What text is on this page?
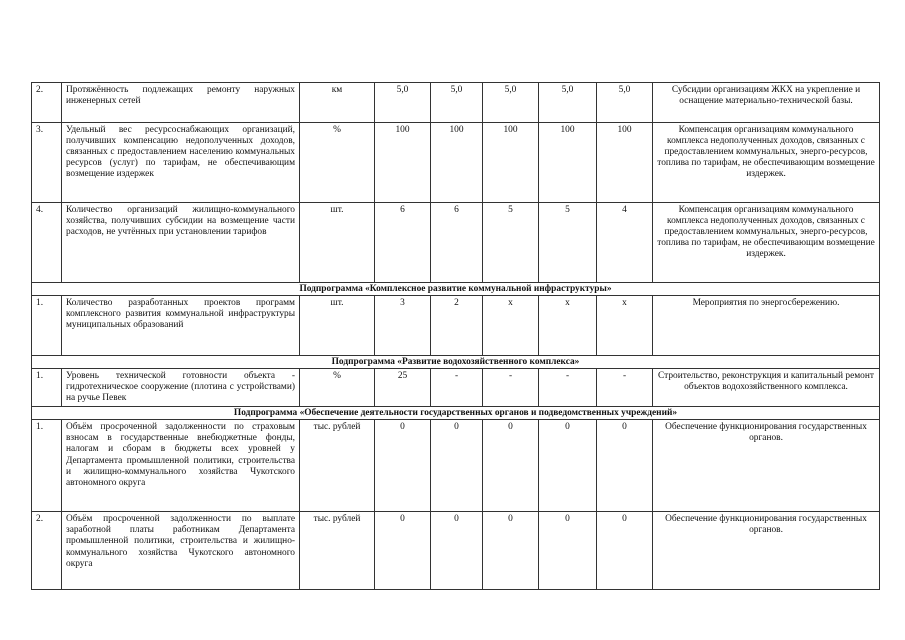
2.	Протяжённость подлежащих ремонту наружных инженерных сетей	км	5,0	5,0	5,0	5,0	5,0	Субсидии организациям ЖКХ на укрепление и оснащение материально-технической базы.
3.	Удельный вес ресурсоснабжающих организаций, получивших компенсацию недополученных доходов, связанных с предоставлением населению коммунальных ресурсов (услуг) по тарифам, не обеспечивающим возмещение издержек	%	100	100	100	100	100	Компенсация организациям коммунального комплекса недополученных доходов, связанных с предоставлением коммунальных, энерго-ресурсов, топлива по тарифам, не обеспечивающим возмещение издержек.
4.	Количество организаций жилищно-коммунального хозяйства, получивших субсидии на возмещение части расходов, не учтённых при установлении тарифов	шт.	6	6	5	5	4	Компенсация организациям коммунального комплекса недополученных доходов, связанных с предоставлением коммунальных, энерго-ресурсов, топлива по тарифам, не обеспечивающим возмещение издержек.
Подпрограмма «Комплексное развитие коммунальной инфраструктуры»								
1.	Количество разработанных проектов программ комплексного развития коммунальной инфраструктуры муниципальных образований	шт.	3	2	х	х	х	Мероприятия по энергосбережению.
Подпрограмма «Развитие водохозяйственного комплекса»								
1.	Уровень технической готовности объекта - гидротехническое сооружение (плотина с устройствами) на ручье Певек	%	25	-	-	-	-	Строительство, реконструкция и капитальный ремонт объектов водохозяйственного комплекса.
Подпрограмма «Обеспечение деятельности государственных органов и подведомственных учреждений»								
1.	Объём просроченной задолженности по страховым взносам в государственные внебюджетные фонды, налогам и сборам в бюджеты всех уровней у Департамента промышленной политики, строительства и жилищно-коммунального хозяйства Чукотского автономного округа	тыс. рублей	0	0	0	0	0	Обеспечение функционирования государственных органов.
2.	Объём просроченной задолженности по выплате заработной платы работникам Департамента промышленной политики, строительства и жилищно-коммунального хозяйства Чукотского автономного округа	тыс. рублей	0	0	0	0	0	Обеспечение функционирования государственных органов.
